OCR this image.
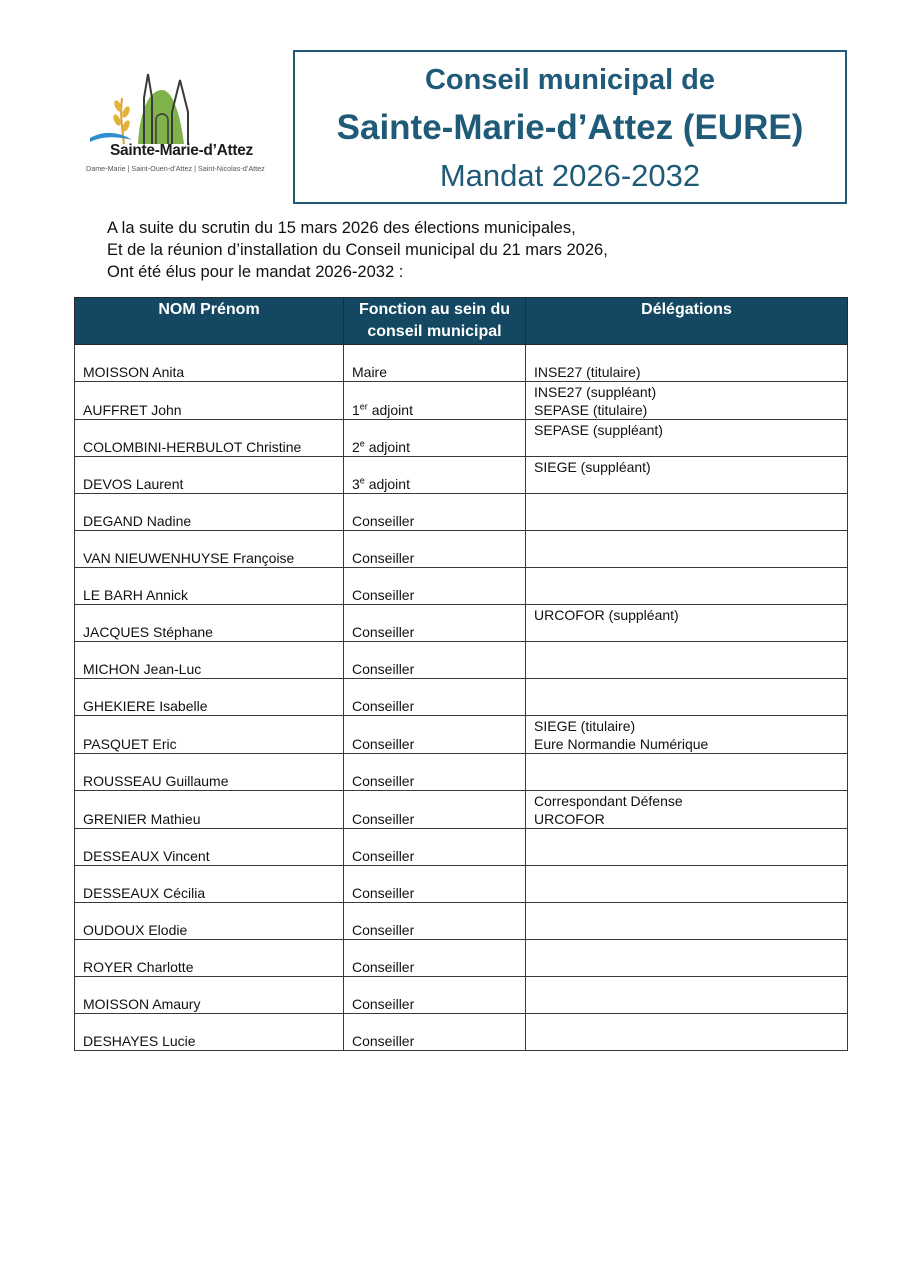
Sainte-Marie-d’Attez
Dame-Marie | Saint-Ouen-d’Attez | Saint-Nicolas-d’Attez
Conseil municipal de
Sainte-Marie-d’Attez (EURE)
Mandat 2026-2032
A la suite du scrutin du 15 mars 2026 des élections municipales,
Et de la réunion d’installation du Conseil municipal du 21 mars 2026,
Ont été élus pour le mandat 2026-2032 :
NOM Prénom	Fonction au sein du conseil municipal	Délégations
MOISSON Anita	Maire	INSE27 (titulaire)

AUFFRET John	1er adjoint	INSE27 (suppléant)
SEPASE (titulaire)

COLOMBINI-HERBULOT Christine	2e adjoint	SEPASE (suppléant)

DEVOS Laurent	3e adjoint	SIEGE (suppléant)

DEGAND Nadine	Conseiller	
VAN NIEUWENHUYSE Françoise	Conseiller	
LE BARH Annick	Conseiller	
JACQUES Stéphane	Conseiller	URCOFOR (suppléant)

MICHON Jean-Luc	Conseiller	
GHEKIERE Isabelle	Conseiller	
PASQUET Eric	Conseiller	SIEGE (titulaire)
Eure Normandie Numérique

ROUSSEAU Guillaume	Conseiller	
GRENIER Mathieu	Conseiller	Correspondant Défense
URCOFOR

DESSEAUX Vincent	Conseiller	
DESSEAUX Cécilia	Conseiller	
OUDOUX Elodie	Conseiller	
ROYER Charlotte	Conseiller	
MOISSON Amaury	Conseiller	
DESHAYES Lucie	Conseiller	
